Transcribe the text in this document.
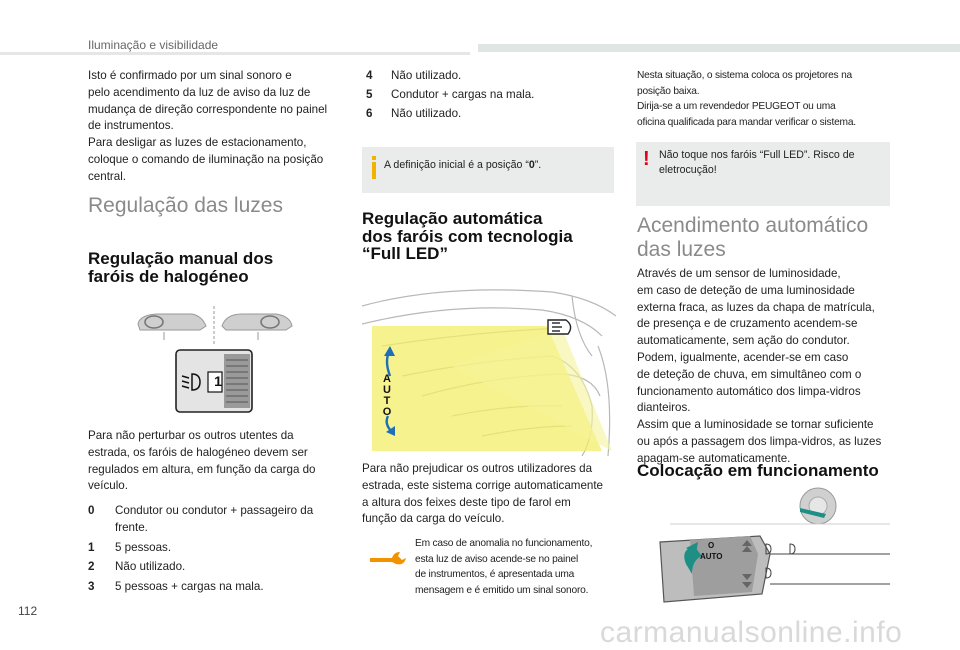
Iluminação e visibilidade
Isto é confirmado por um sinal sonoro e
pelo acendimento da luz de aviso da luz de
mudança de direção correspondente no painel
de instrumentos.
Para desligar as luzes de estacionamento,
coloque o comando de iluminação na posição
central.
Regulação das luzes
Regulação manual dos
faróis de halogéneo
1
Para não perturbar os outros utentes da
estrada, os faróis de halogéneo devem ser
regulados em altura, em função da carga do
veículo.
0	Condutor ou condutor + passageiro da
frente.
1	5 pessoas.
2	Não utilizado.
3	5 pessoas + cargas na mala.
4	Não utilizado.
5	Condutor + cargas na mala.
6	Não utilizado.
A definição inicial é a posição “0”.
Regulação automática
dos faróis com tecnologia
“Full LED”
A
U
T
O
Para não prejudicar os outros utilizadores da
estrada, este sistema corrige automaticamente
a altura dos feixes deste tipo de farol em
função da carga do veículo.
Em caso de anomalia no funcionamento,
esta luz de aviso acende-se no painel
de instrumentos, é apresentada uma
mensagem e é emitido um sinal sonoro.
Nesta situação, o sistema coloca os projetores na
posição baixa.
Dirija-se a um revendedor PEUGEOT ou uma
oficina qualificada para mandar verificar o sistema.
! Não toque nos faróis “Full LED”. Risco de
eletrocução!
Acendimento automático
das luzes
Através de um sensor de luminosidade,
em caso de deteção de uma luminosidade
externa fraca, as luzes da chapa de matrícula,
de presença e de cruzamento acendem-se
automaticamente, sem ação do condutor.
Podem, igualmente, acender-se em caso
de deteção de chuva, em simultâneo com o
funcionamento automático dos limpa-vidros
dianteiros.
Assim que a luminosidade se tornar suficiente
ou após a passagem dos limpa-vidros, as luzes
apagam-se automaticamente.
Colocação em funcionamento
O
AUTO
112
carmanualsonline.info
